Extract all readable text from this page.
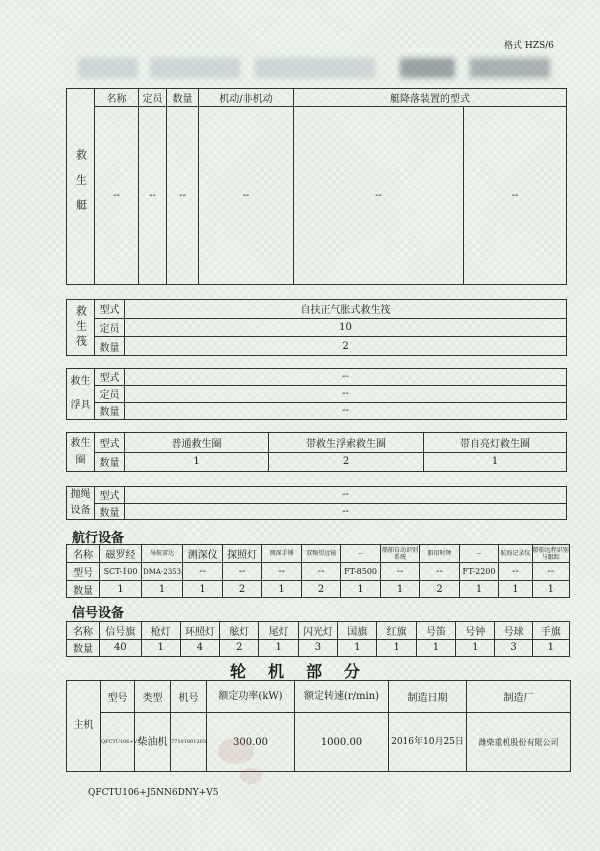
格式 HZS/6
救生艇	名称	定员	数量	机动/非机动	艇降落装置的型式	
	--	--	--	--	--	--
救生筏	型式	自扶正气胀式救生筏
	定员	10
	数量	2
救生
浮具	型式	--
	定员	--
	数量	--
救生
圈	型式	普通救生圈	带救生浮索救生圈	带自亮灯救生圈
	数量	1	2	1
抛绳
设备	型式	--
	数量	--
航行设备
名称	磁罗经	导航雷达	测深仪	探照灯	测深手锤	双频望远镜	--	船舶自动识别系统	船用时钟	--	航海记录仪	船舶远程识别与跟踪
型号	SCT-100	DMA-2353	--	--	--	--	FT-8500	--	--	FT-2200	--	--
数量	1	1	1	2	1	2	1	1	2	1	1	1
信号设备
名称	信号旗	枪灯	环照灯	舷灯	尾灯	闪光灯	国旗	红旗	号笛	号钟	号球	手旗
数量	40	1	4	2	1	3	1	1	1	1	3	1
轮机部分
主机	型号	类型	机号	额定功率(kW)	额定转速(r/min)	制造日期	制造厂
	QFCTU106+V5	柴油机	77101001203	300.00	1000.00	2016年10月25日	潍柴重机股份有限公司
QFCTU106+J5NN6DNY+V5
